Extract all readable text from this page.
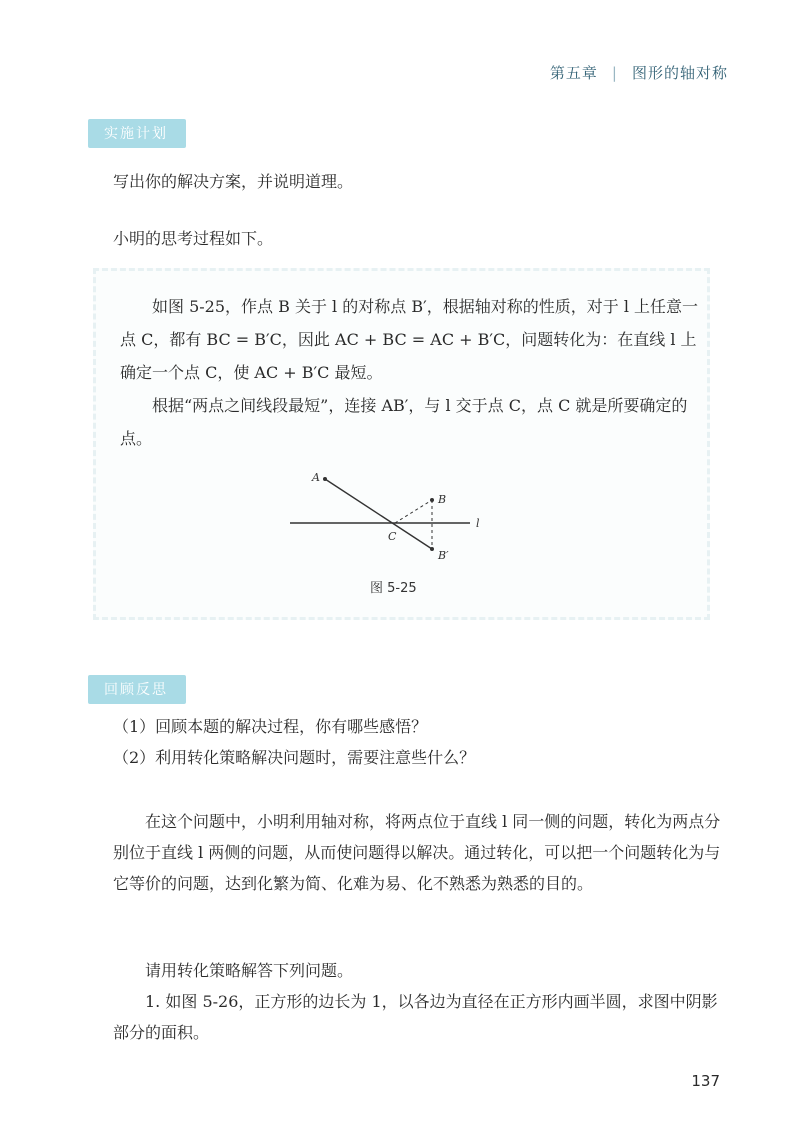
第五章 | 图形的轴对称
实施计划
写出你的解决方案，并说明道理。
小明的思考过程如下。

如图 5-25，作点 B 关于 l 的对称点 B′，根据轴对称的性质，对于 l 上任意一点 C，都有 BC = B′C，因此 AC + BC = AC + B′C，问题转化为：在直线 l 上确定一个点 C，使 AC + B′C 最短。

根据“两点之间线段最短”，连接 AB′，与 l 交于点 C，点 C 就是所要确定的点。

A
B
C
B′
l
图 5-25
回顾反思
（1）回顾本题的解决过程，你有哪些感悟？
（2）利用转化策略解决问题时，需要注意些什么？

在这个问题中，小明利用轴对称，将两点位于直线 l 同一侧的问题，转化为两点分别位于直线 l 两侧的问题，从而使问题得以解决。通过转化，可以把一个问题转化为与它等价的问题，达到化繁为简、化难为易、化不熟悉为熟悉的目的。

请用转化策略解答下列问题。

1. 如图 5-26，正方形的边长为 1，以各边为直径在正方形内画半圆，求图中阴影部分的面积。

137
